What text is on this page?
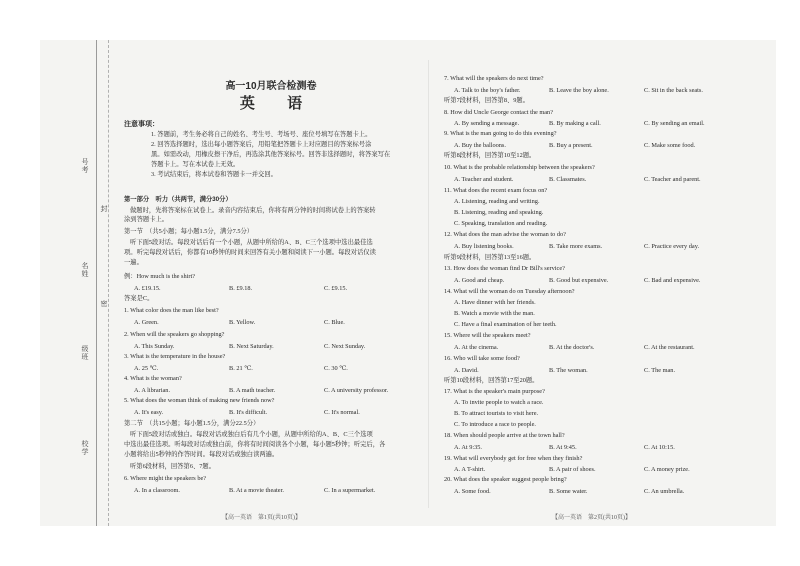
号考
名姓
级班
校学
封
密
高一10月联合检测卷
英 语
注意事项：
1. 答题前，考生务必将自己的姓名、考生号、考场号、座位号填写在答题卡上。
2. 回答选择题时，选出每小题答案后，用铅笔把答题卡上对应题目的答案标号涂
黑。如需改动，用橡皮擦干净后，再选涂其他答案标号。回答非选择题时，将答案写在
答题卡上。写在本试卷上无效。
3. 考试结束后，将本试卷和答题卡一并交回。
第一部分　听力（共两节，满分30分）
做题时，先将答案标在试卷上。录音内容结束后，你将有两分钟的时间将试卷上的答案转
涂到答题卡上。
第一节　（共5小题；每小题1.5分，满分7.5分）
听下面5段对话。每段对话后有一个小题，从题中所给的A、B、C三个选项中选出最佳选
项。听完每段对话后，你都有10秒钟的时间来回答有关小题和阅读下一小题。每段对话仅读
一遍。
例：How much is the shirt?
A. £19.15.	B. £9.18.	C. £9.15.
答案是C。
1. What color does the man like best?
A. Green.	B. Yellow.	C. Blue.
2. When will the speakers go shopping?
A. This Sunday.	B. Next Saturday.	C. Next Sunday.
3. What is the temperature in the house?
A. 25 ℃.	B. 21 ℃.	C. 30 ℃.
4. What is the woman?
A. A librarian.	B. A math teacher.	C. A university professor.
5. What does the woman think of making new friends now?
A. It's easy.	B. It's difficult.	C. It's normal.
第二节　（共15小题；每小题1.5分，满分22.5分）
听下面5段对话或独白。每段对话或独白后有几个小题，从题中所给的A、B、C三个选项
中选出最佳选项。听每段对话或独白前，你将有时间阅读各个小题，每小题5秒钟；听完后，各
小题将给出5秒钟的作答时间。每段对话或独白读两遍。
听第6段材料，回答第6、7题。
6. Where might the speakers be?
A. In a classroom.	B. At a movie theater.	C. In a supermarket.
【高一英语　第1页(共10页)】
7. What will the speakers do next time?
A. Talk to the boy's father.	B. Leave the boy alone.	C. Sit in the back seats.
听第7段材料，回答第8、9题。
8. How did Uncle George contact the man?
A. By sending a message.	B. By making a call.	C. By sending an email.
9. What is the man going to do this evening?
A. Buy the balloons.	B. Buy a present.	C. Make some food.
听第8段材料，回答第10至12题。
10. What is the probable relationship between the speakers?
A. Teacher and student.	B. Classmates.	C. Teacher and parent.
11. What does the recent exam focus on?
A. Listening, reading and writing.
B. Listening, reading and speaking.
C. Speaking, translation and reading.
12. What does the man advise the woman to do?
A. Buy listening books.	B. Take more exams.	C. Practice every day.
听第9段材料，回答第13至16题。
13. How does the woman find Dr Bill's service?
A. Good and cheap.	B. Good but expensive.	C. Bad and expensive.
14. What will the woman do on Tuesday afternoon?
A. Have dinner with her friends.
B. Watch a movie with the man.
C. Have a final examination of her teeth.
15. Where will the speakers meet?
A. At the cinema.	B. At the doctor's.	C. At the restaurant.
16. Who will take some food?
A. David.	B. The woman.	C. The man.
听第10段材料，回答第17至20题。
17. What is the speaker's main purpose?
A. To invite people to watch a race.
B. To attract tourists to visit here.
C. To introduce a race to people.
18. When should people arrive at the town hall?
A. At 9:35.	B. At 9:45.	C. At 10:15.
19. What will everybody get for free when they finish?
A. A T-shirt.	B. A pair of shoes.	C. A money prize.
20. What does the speaker suggest people bring?
A. Some food.	B. Some water.	C. An umbrella.
【高一英语　第2页(共10页)】
